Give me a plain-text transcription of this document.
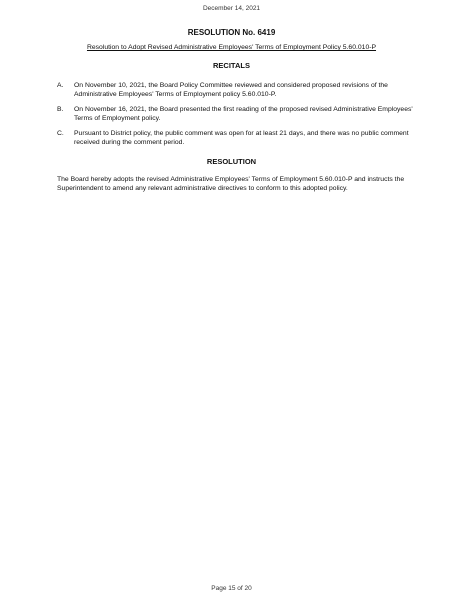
December 14, 2021
RESOLUTION No. 6419
Resolution to Adopt Revised Administrative Employees' Terms of Employment Policy 5.60.010-P
RECITALS
A.	On November 10, 2021, the Board Policy Committee reviewed and considered proposed revisions of the Administrative Employees' Terms of Employment policy 5.60.010-P.
B.	On November 16, 2021, the Board presented the first reading of the proposed revised Administrative Employees' Terms of Employment policy.
C.	Pursuant to District policy, the public comment was open for at least 21 days, and there was no public comment received during the comment period.
RESOLUTION
The Board hereby adopts the revised Administrative Employees' Terms of Employment 5.60.010-P and instructs the Superintendent to amend any relevant administrative directives to conform to this adopted policy.
Page 15 of 20
